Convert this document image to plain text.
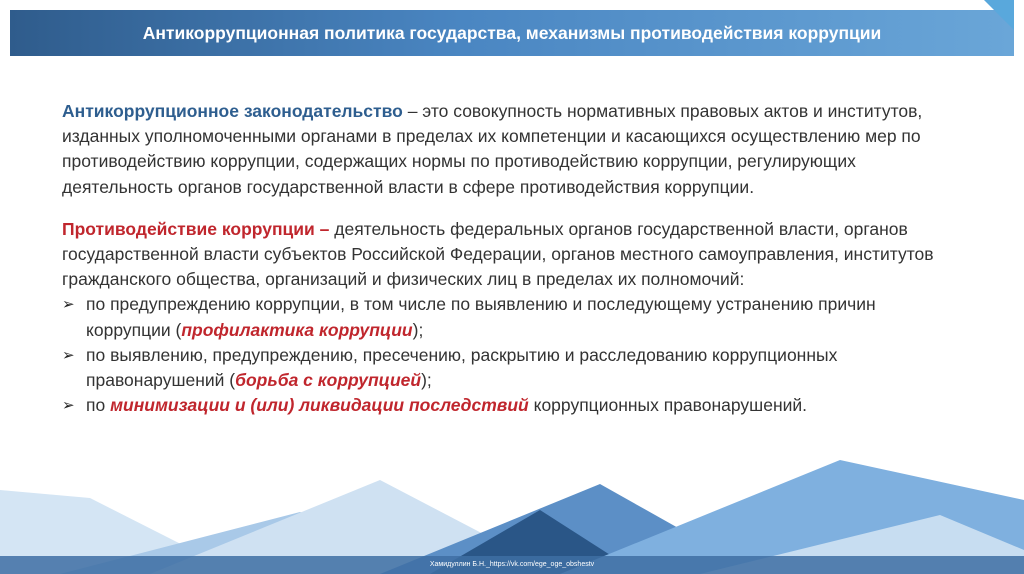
Антикоррупционная политика государства, механизмы противодействия коррупции

Антикоррупционное законодательство – это совокупность нормативных правовых актов и институтов, изданных уполномоченными органами в пределах их компетенции и касающихся осуществлению мер по противодействию коррупции, содержащих нормы по противодействию коррупции, регулирующих деятельность органов государственной власти в сфере противодействия коррупции.

Противодействие коррупции – деятельность федеральных органов государственной власти, органов государственной власти субъектов Российской Федерации, органов местного самоуправления, институтов гражданского общества, организаций и физических лиц в пределах их полномочий:

➢ по предупреждению коррупции, в том числе по выявлению и последующему устранению причин коррупции (профилактика коррупции);
➢ по выявлению, предупреждению, пресечению, раскрытию и расследованию коррупционных правонарушений (борьба с коррупцией);
➢ по минимизации и (или) ликвидации последствий коррупционных правонарушений.
Хамидуллин Б.Н._https://vk.com/ege_oge_obshestv
